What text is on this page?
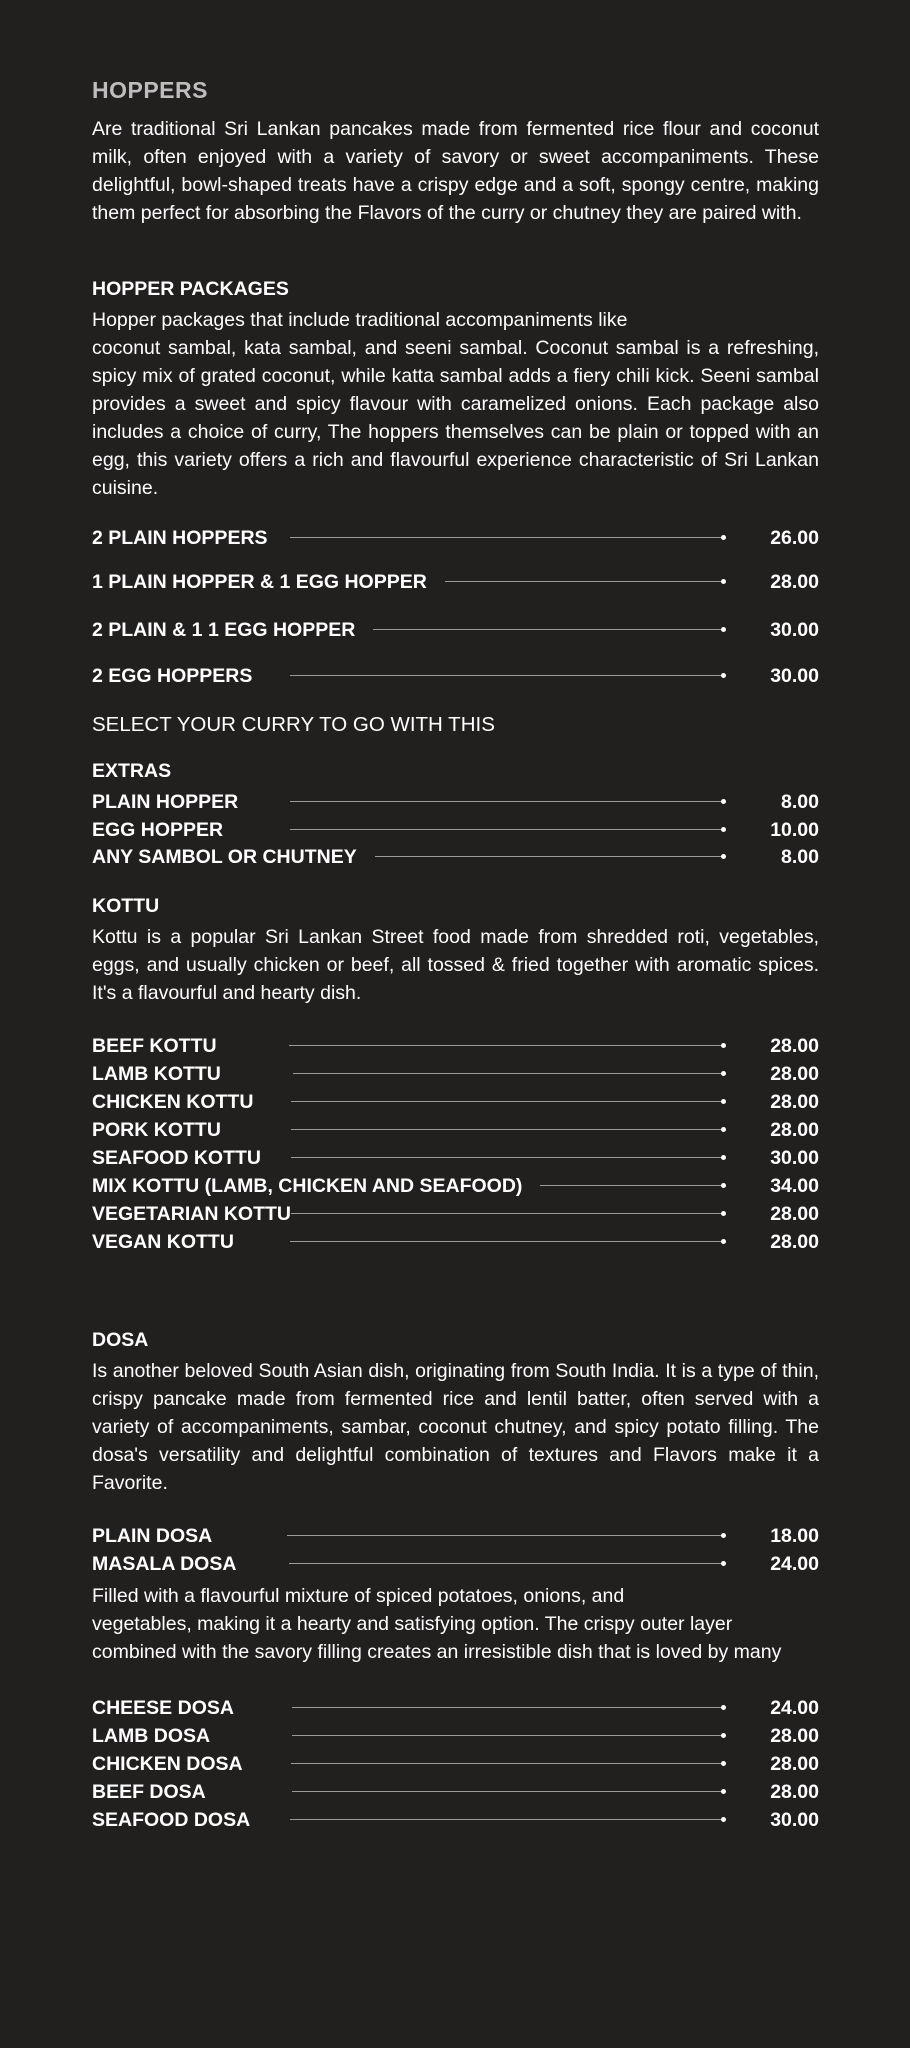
HOPPERS

Are traditional Sri Lankan pancakes made from fermented rice flour and coconut milk, often enjoyed with a variety of savory or sweet accompaniments. These delightful, bowl-shaped treats have a crispy edge and a soft, spongy centre, making them perfect for absorbing the Flavors of the curry or chutney they are paired with.

HOPPER PACKAGES

Hopper packages that include traditional accompaniments like

coconut sambal, kata sambal, and seeni sambal. Coconut sambal is a refreshing, spicy mix of grated coconut, while katta sambal adds a fiery chili kick. Seeni sambal provides a sweet and spicy flavour with caramelized onions. Each package also includes a choice of curry, The hoppers themselves can be plain or topped with an egg, this variety offers a rich and flavourful experience characteristic of Sri Lankan cuisine.

2 PLAIN HOPPERS	26.00
1 PLAIN HOPPER & 1 EGG HOPPER	28.00
2 PLAIN & 1 1 EGG HOPPER	30.00
2 EGG HOPPERS	30.00

SELECT YOUR CURRY TO GO WITH THIS

EXTRAS
PLAIN HOPPER	8.00
EGG HOPPER	10.00
ANY SAMBOL OR CHUTNEY	8.00
KOTTU

Kottu is a popular Sri Lankan Street food made from shredded roti, vegetables, eggs, and usually chicken or beef, all tossed & fried together with aromatic spices. It's a flavourful and hearty dish.

BEEF KOTTU	28.00
LAMB KOTTU	28.00
CHICKEN KOTTU	28.00
PORK KOTTU	28.00
SEAFOOD KOTTU	30.00
MIX KOTTU (LAMB, CHICKEN AND SEAFOOD)	34.00
VEGETARIAN KOTTU	28.00
VEGAN KOTTU	28.00
DOSA

Is another beloved South Asian dish, originating from South India. It is a type of thin, crispy pancake made from fermented rice and lentil batter, often served with a variety of accompaniments, sambar, coconut chutney, and spicy potato filling. The dosa's versatility and delightful combination of textures and Flavors make it a Favorite.

PLAIN DOSA	18.00
MASALA DOSA	24.00

Filled with a flavourful mixture of spiced potatoes, onions, and

vegetables, making it a hearty and satisfying option. The crispy outer layer

combined with the savory filling creates an irresistible dish that is loved by many

CHEESE DOSA	24.00
LAMB DOSA	28.00
CHICKEN DOSA	28.00
BEEF DOSA	28.00
SEAFOOD DOSA	30.00
